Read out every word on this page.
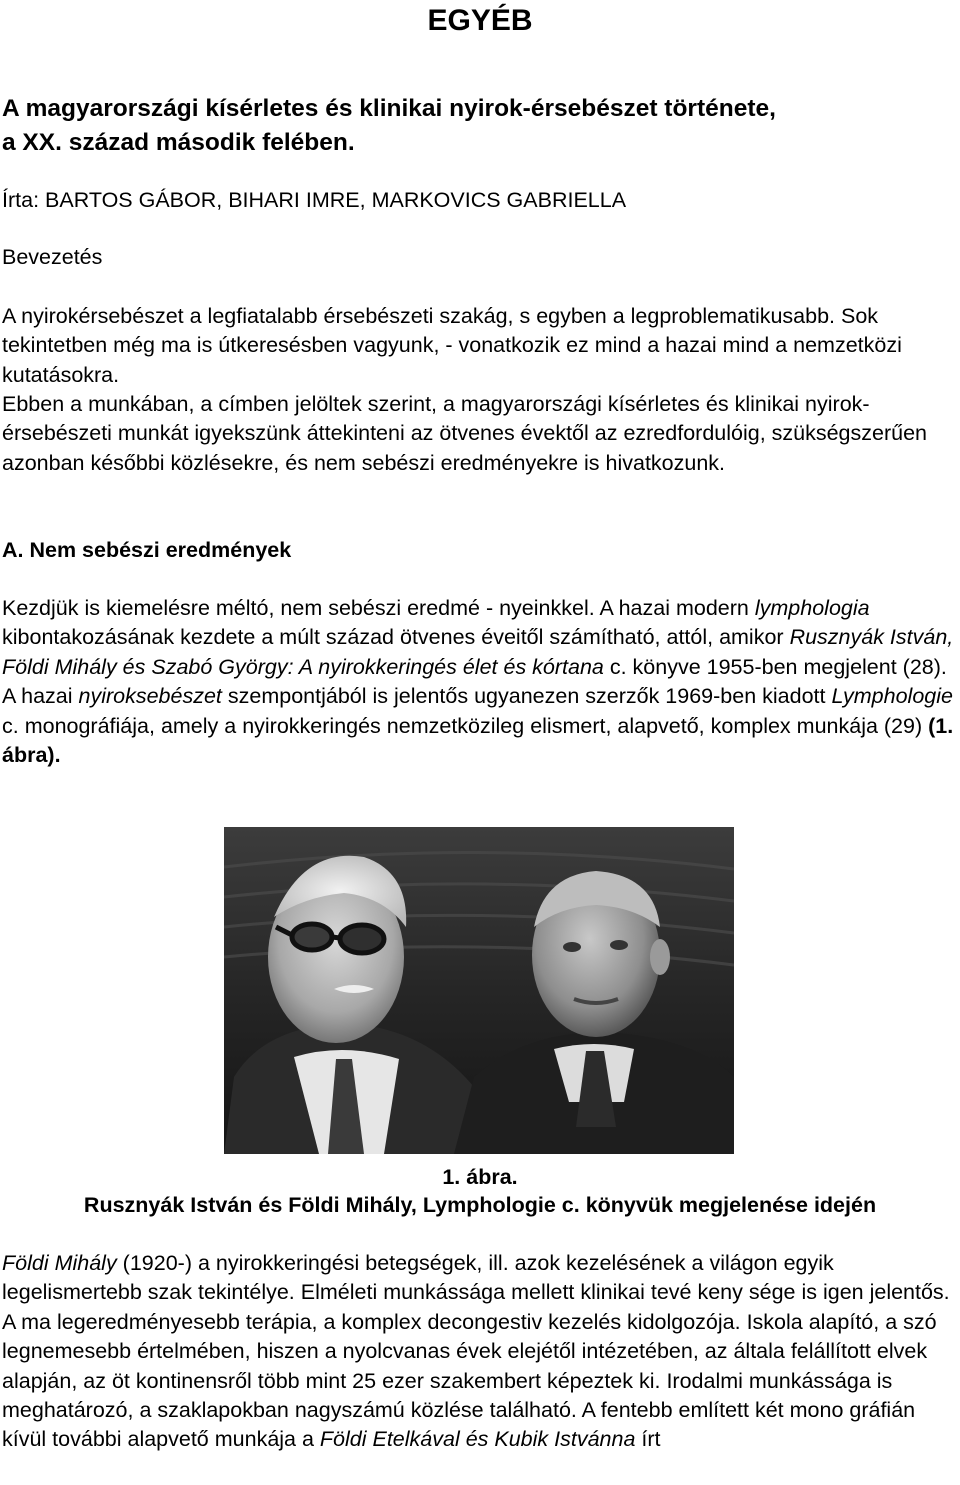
EGYÉB
A magyarországi kísérletes és klinikai nyirok-érsebészet története,
a XX. század második felében.

Írta: BARTOS GÁBOR, BIHARI IMRE, MARKOVICS GABRIELLA

Bevezetés

A nyirokérsebészet a legfiatalabb érsebészeti szakág, s egyben a legproblematikusabb. Sok tekintetben még ma is útkeresésben vagyunk, - vonatkozik ez mind a hazai mind a nemzetközi kutatásokra.

Ebben a munkában, a címben jelöltek szerint, a magyarországi kísérletes és klinikai nyirok-érsebészeti munkát igyekszünk áttekinteni az ötvenes évektől az ezredfordulóig, szükségszerűen azonban későbbi közlésekre, és nem sebészi eredményekre is hivatkozunk.

A. Nem sebészi eredmények

Kezdjük is kiemelésre méltó, nem sebészi eredmé - nyeinkkel. A hazai modern lymphologia kibontakozásának kezdete a múlt század ötvenes éveitől számítható, attól, amikor Rusznyák István, Földi Mihály és Szabó György: A nyirokkeringés élet és kórtana c. könyve 1955-ben megjelent (28). A hazai nyiroksebészet szempontjából is jelentős ugyanezen szerzők 1969-ben kiadott Lymphologie c. monográfiája, amely a nyirokkeringés nemzetközileg elismert, alapvető, komplex munkája (29) (1. ábra).

1. ábra.

Rusznyák István és Földi Mihály, Lymphologie c. könyvük megjelenése idején

Földi Mihály (1920-) a nyirokkeringési betegségek, ill. azok kezelésének a világon egyik legelismertebb szak tekintélye. Elméleti munkássága mellett klinikai tevé keny sége is igen jelentős. A ma legeredményesebb terápia, a komplex decongestiv kezelés kidolgozója. Iskola alapító, a szó legnemesebb értelmében, hiszen a nyolcvanas évek elejétől intézetében, az általa felállított elvek alapján, az öt kontinensről több mint 25 ezer szakembert képeztek ki. Irodalmi munkássága is meghatározó, a szaklapokban nagyszámú közlése található. A fentebb említett két mono gráfián kívül további alapvető munkája a Földi Etelkával és Kubik Istvánna írt
